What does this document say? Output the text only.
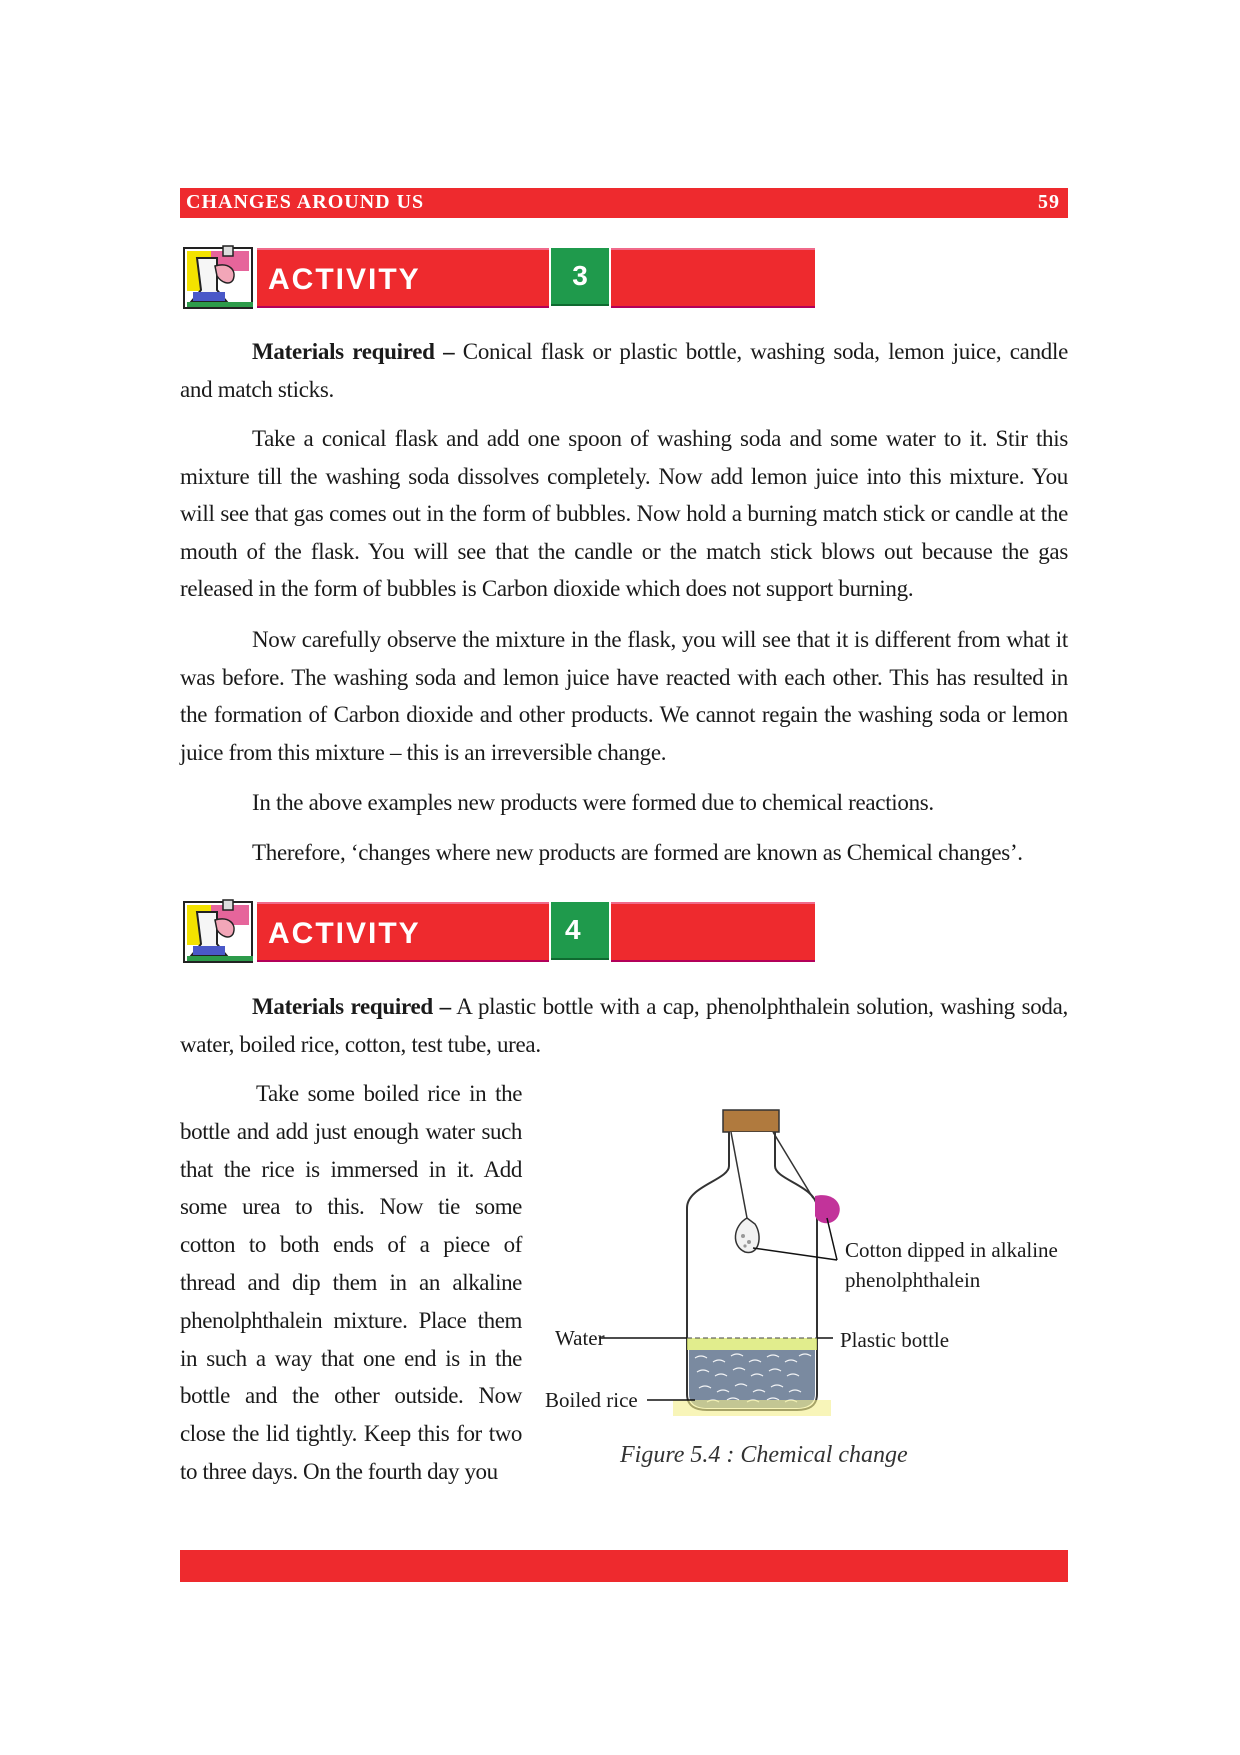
CHANGES AROUND US	59
ACTIVITY	3

Materials required – Conical flask or plastic bottle, washing soda, lemon juice, candle and match sticks.

Take a conical flask and add one spoon of washing soda and some water to it. Stir this mixture till the washing soda dissolves completely. Now add lemon juice into this mixture. You will see that gas comes out in the form of bubbles. Now hold a burning match stick or candle at the mouth of the flask. You will see that the candle or the match stick blows out because the gas released in the form of bubbles is Carbon dioxide which does not support burning.

Now carefully observe the mixture in the flask, you will see that it is different from what it was before. The washing soda and lemon juice have reacted with each other. This has resulted in the formation of Carbon dioxide and other products. We cannot regain the washing soda or lemon juice from this mixture – this is an irreversible change.

In the above examples new products were formed due to chemical reactions.

Therefore, ‘changes where new products are formed are known as Chemical changes’.

ACTIVITY	4

Materials required – A plastic bottle with a cap, phenolphthalein solution, washing soda, water, boiled rice, cotton, test tube, urea.

Take some boiled rice in the bottle and add just enough water such that the rice is immersed in it. Add some urea to this. Now tie some cotton to both ends of a piece of thread and dip them in an alkaline phenolphthalein mixture. Place them in such a way that one end is in the bottle and the other outside. Now close the lid tightly. Keep this for two to three days. On the fourth day you

Cotton dipped in alkaline
phenolphthalein
Water	Plastic bottle
Boiled rice
Figure 5.4 : Chemical change
